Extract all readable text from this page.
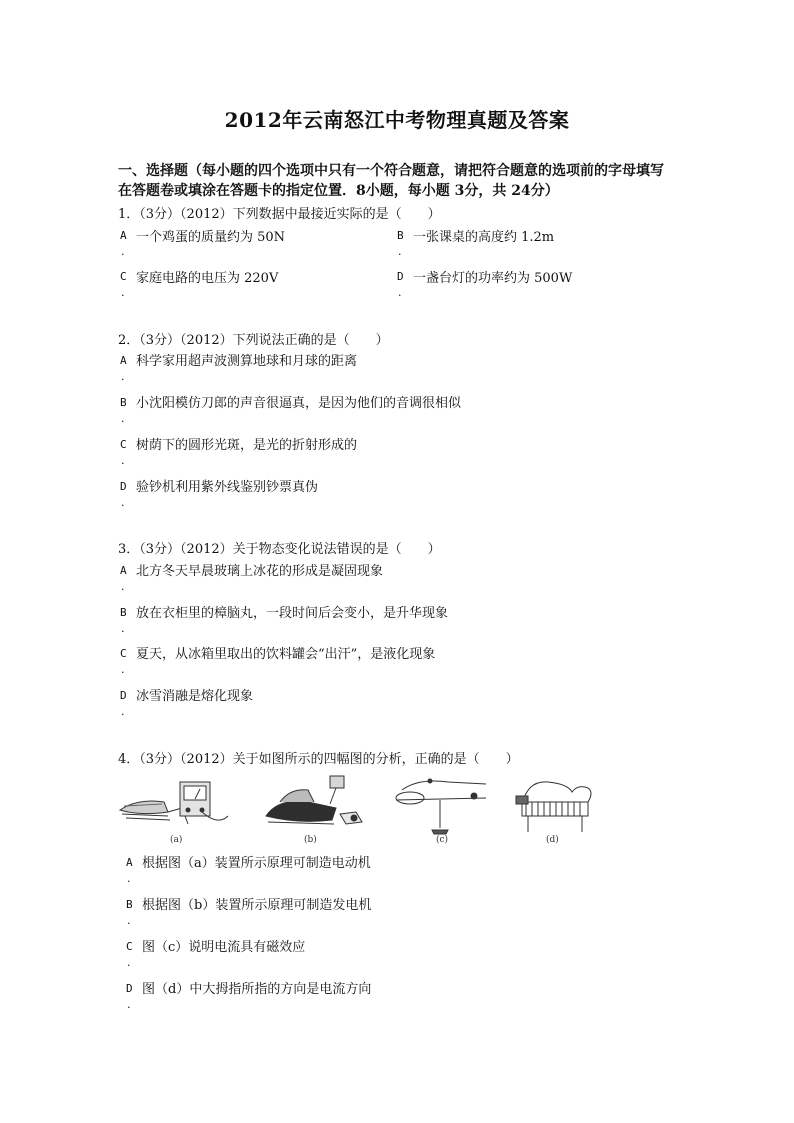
2012年云南怒江中考物理真题及答案
一、选择题（每小题的四个选项中只有一个符合题意，请把符合题意的选项前的字母填写
在答题卷或填涂在答题卡的指定位置．8小题，每小题 3分，共 24分）
1．（3分）（2012）下列数据中最接近实际的是（　　）
A 一个鸡蛋的质量约为 50N
.
B 一张课桌的高度约 1.2m
.
C 家庭电路的电压为 220V
.
D 一盏台灯的功率约为 500W
.
2．（3分）（2012）下列说法正确的是（　　）
A 科学家用超声波测算地球和月球的距离
.
B 小沈阳模仿刀郎的声音很逼真，是因为他们的音调很相似
.
C 树荫下的圆形光斑，是光的折射形成的
.
D 验钞机利用紫外线鉴别钞票真伪
.
3．（3分）（2012）关于物态变化说法错误的是（　　）
A 北方冬天早晨玻璃上冰花的形成是凝固现象
.
B 放在衣柜里的樟脑丸，一段时间后会变小，是升华现象
.
C 夏天，从冰箱里取出的饮料罐会“出汗”，是液化现象
.
D 冰雪消融是熔化现象
.
4．（3分）（2012）关于如图所示的四幅图的分析，正确的是（　　）
(a)	(b)	(c)	(d)
A 根据图（a）装置所示原理可制造电动机
.
B 根据图（b）装置所示原理可制造发电机
.
C 图（c）说明电流具有磁效应
.
D 图（d）中大拇指所指的方向是电流方向
.
